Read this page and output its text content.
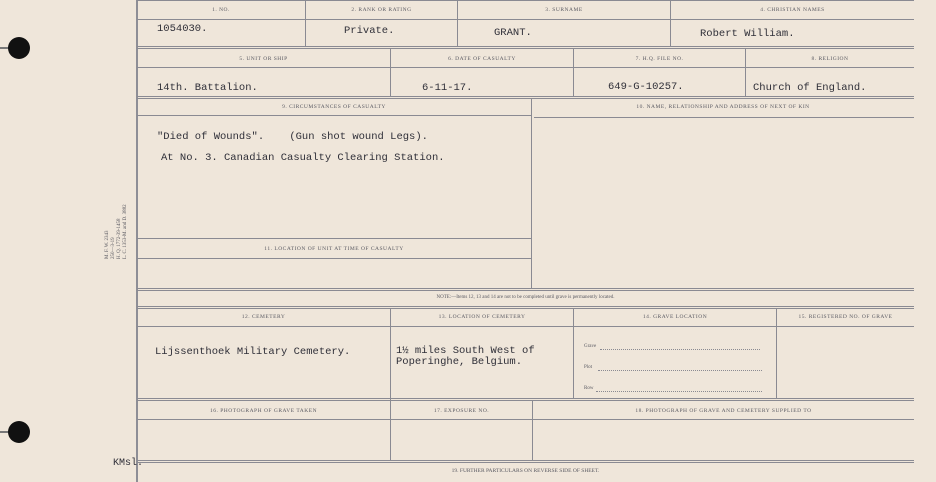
M. F. W. 2343 250—3-19 H. Q. 1772-39-1458 L. C. 1353-M. and D. 3882
1. NO.	2. RANK OR RATING	3. SURNAME	4. CHRISTIAN NAMES
1054030.	Private.	GRANT.	Robert William.
5. UNIT OR SHIP	6. DATE OF CASUALTY	7. H.Q. FILE NO.	8. RELIGION
14th. Battalion.	6-11-17.	649-G-10257.	Church of England.
9. CIRCUMSTANCES OF CASUALTY	10. NAME, RELATIONSHIP AND ADDRESS OF NEXT OF KIN
"Died of Wounds".    (Gun shot wound Legs).
At No. 3. Canadian Casualty Clearing Station.
11. LOCATION OF UNIT AT TIME OF CASUALTY
NOTE:—Items 12, 13 and 14 are not to be completed until grave is permanently located.
12. CEMETERY	13. LOCATION OF CEMETERY	14. GRAVE LOCATION	15. REGISTERED NO. OF GRAVE
Lijssenthoek Military Cemetery.	1½ miles South West of
Poperinghe, Belgium.
Grave
Plot
Row
16. PHOTOGRAPH OF GRAVE TAKEN	17. EXPOSURE NO.	18. PHOTOGRAPH OF GRAVE AND CEMETERY SUPPLIED TO
19. FURTHER PARTICULARS ON REVERSE SIDE OF SHEET.
KMsl.
